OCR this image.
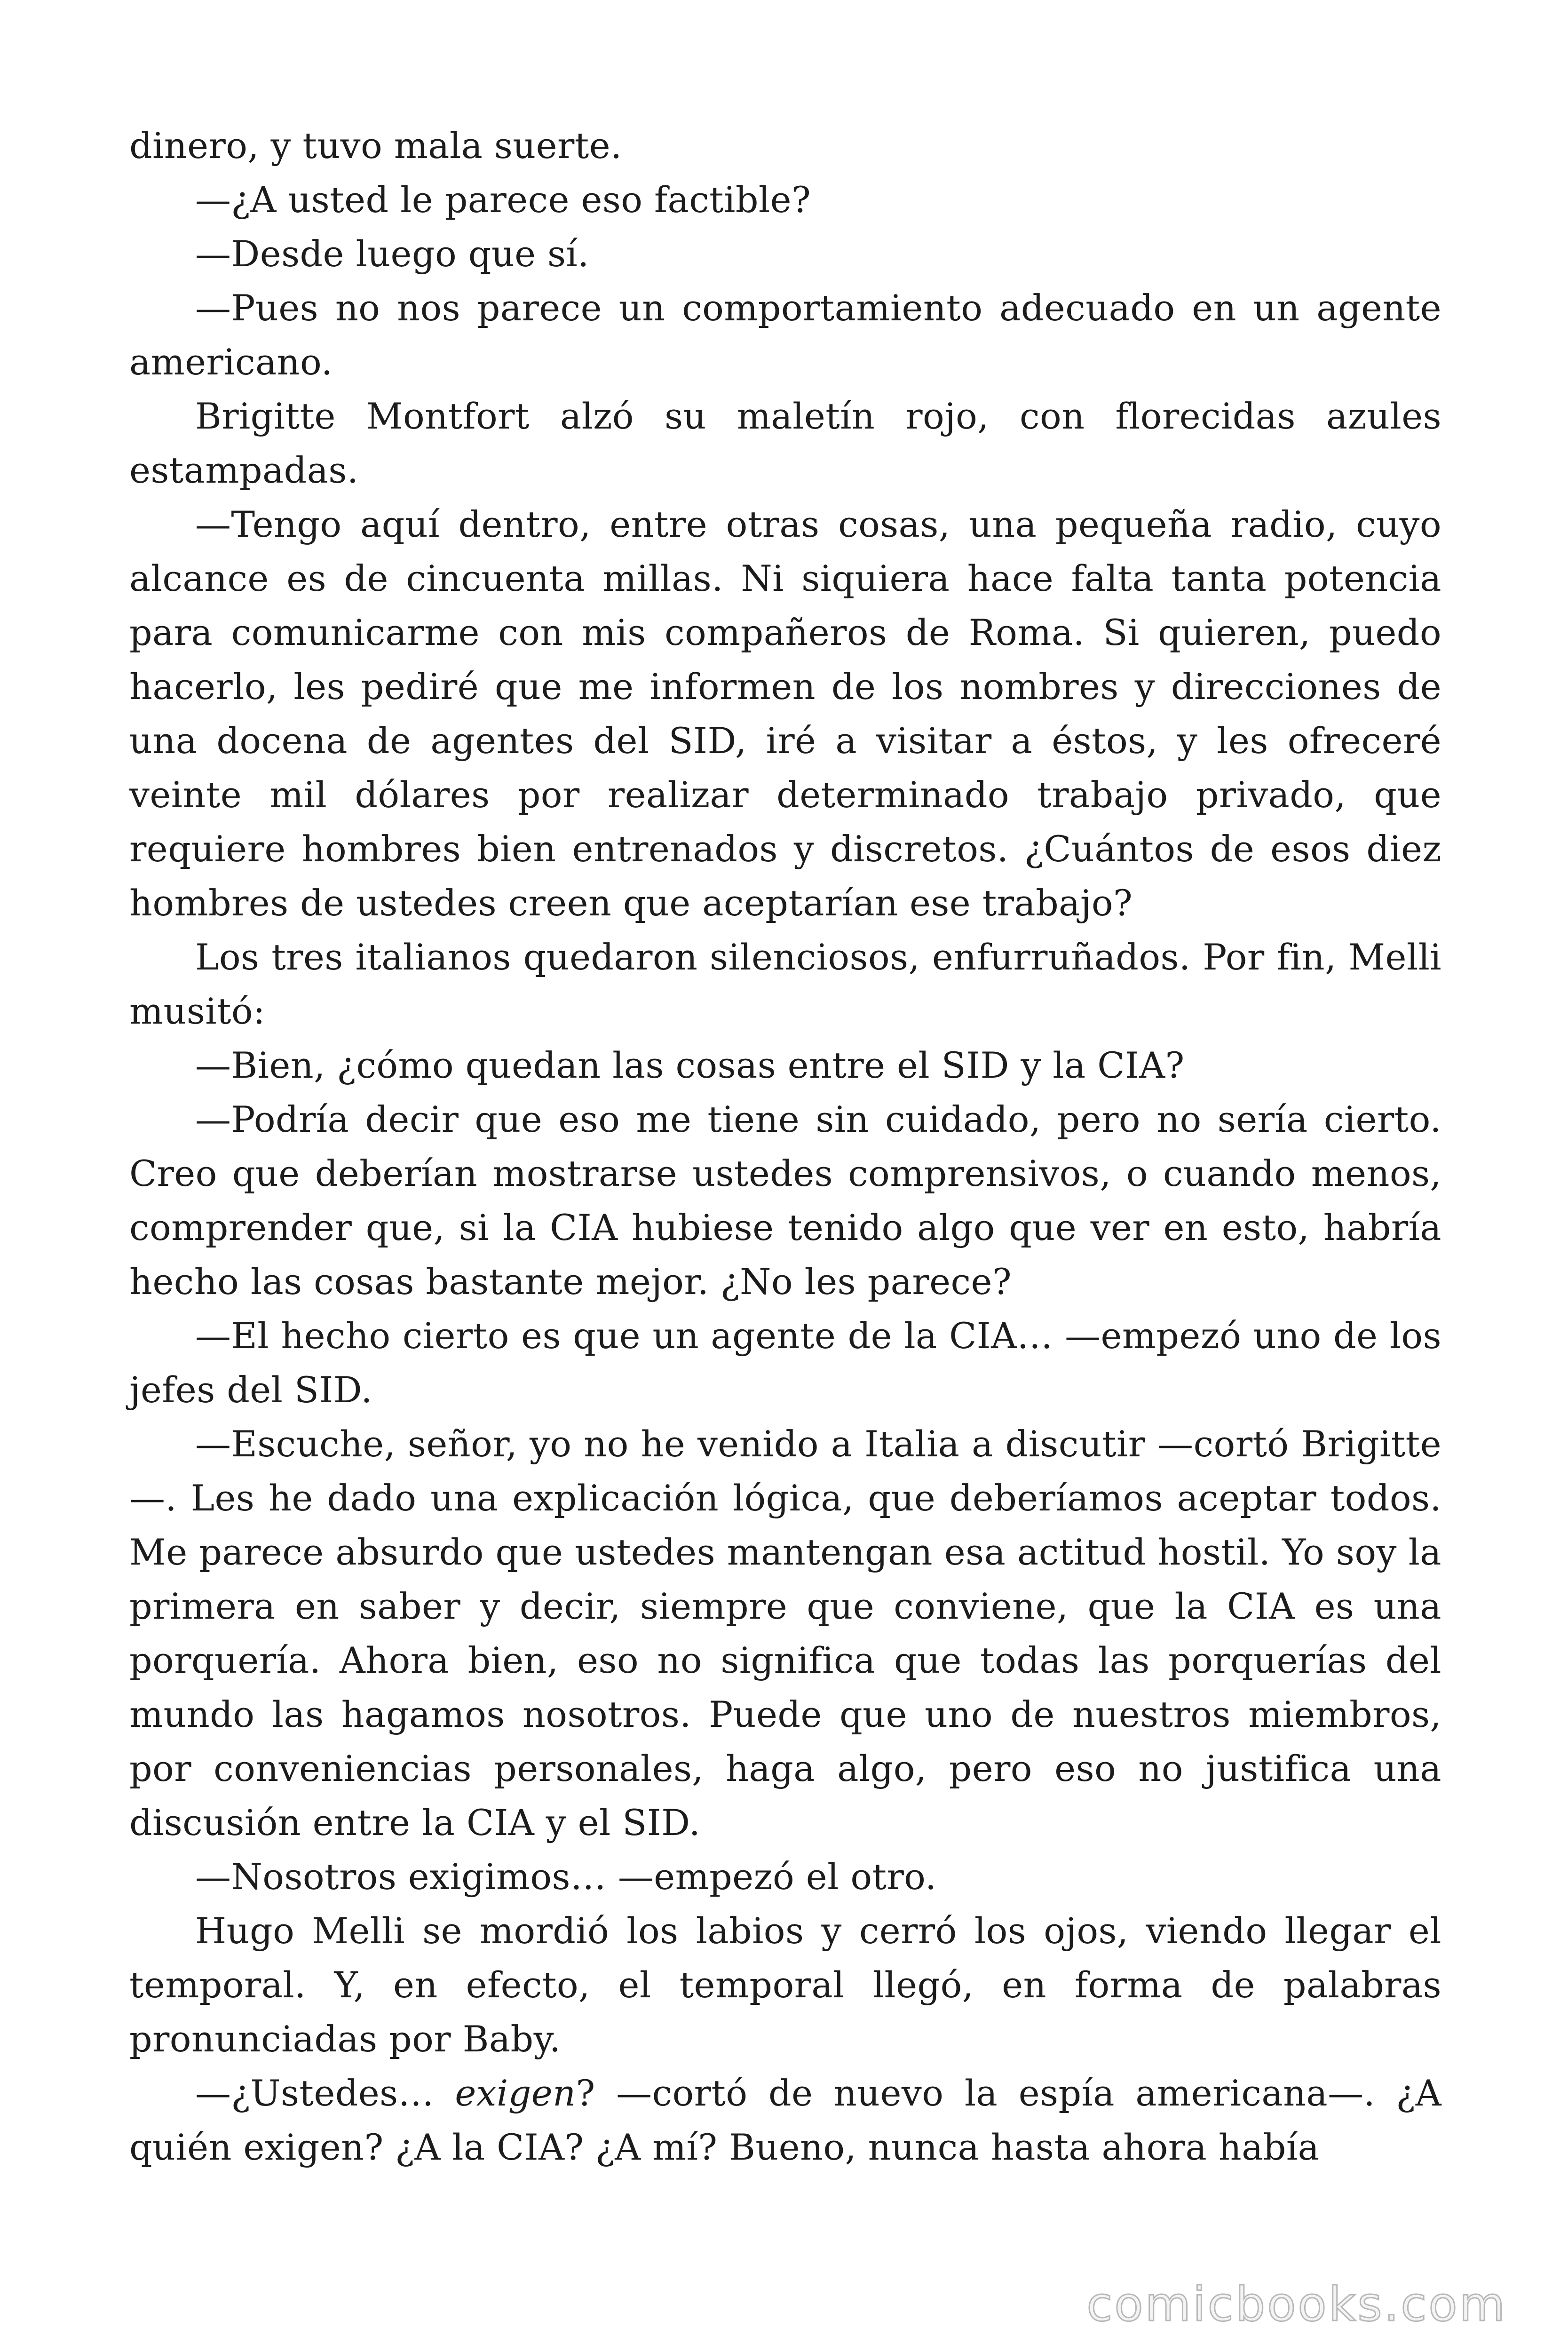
dinero, y tuvo mala suerte.

—¿A usted le parece eso factible?

—Desde luego que sí.

—Pues no nos parece un comportamiento adecuado en un agente americano.

Brigitte Montfort alzó su maletín rojo, con florecidas azules estampadas.

—Tengo aquí dentro, entre otras cosas, una pequeña radio, cuyo alcance es de cincuenta millas. Ni siquiera hace falta tanta potencia para comunicarme con mis compañeros de Roma. Si quieren, puedo hacerlo, les pediré que me informen de los nombres y direcciones de una docena de agentes del SID, iré a visitar a éstos, y les ofreceré veinte mil dólares por realizar determinado trabajo privado, que requiere hombres bien entrenados y discretos. ¿Cuántos de esos diez hombres de ustedes creen que aceptarían ese trabajo?

Los tres italianos quedaron silenciosos, enfurruñados. Por fin, Melli musitó:

—Bien, ¿cómo quedan las cosas entre el SID y la CIA?

—Podría decir que eso me tiene sin cuidado, pero no sería cierto. Creo que deberían mostrarse ustedes comprensivos, o cuando menos, comprender que, si la CIA hubiese tenido algo que ver en esto, habría hecho las cosas bastante mejor. ¿No les parece?

—El hecho cierto es que un agente de la CIA… —empezó uno de los jefes del SID.

—Escuche, señor, yo no he venido a Italia a discutir —cortó Brigitte—. Les he dado una explicación lógica, que deberíamos aceptar todos. Me parece absurdo que ustedes mantengan esa actitud hostil. Yo soy la primera en saber y decir, siempre que conviene, que la CIA es una porquería. Ahora bien, eso no significa que todas las porquerías del mundo las hagamos nosotros. Puede que uno de nuestros miembros, por conveniencias personales, haga algo, pero eso no justifica una discusión entre la CIA y el SID.

—Nosotros exigimos… —empezó el otro.

Hugo Melli se mordió los labios y cerró los ojos, viendo llegar el temporal. Y, en efecto, el temporal llegó, en forma de palabras pronunciadas por Baby.

—¿Ustedes… exigen? —cortó de nuevo la espía americana—. ¿A quién exigen? ¿A la CIA? ¿A mí? Bueno, nunca hasta ahora había

comicbooks.com
